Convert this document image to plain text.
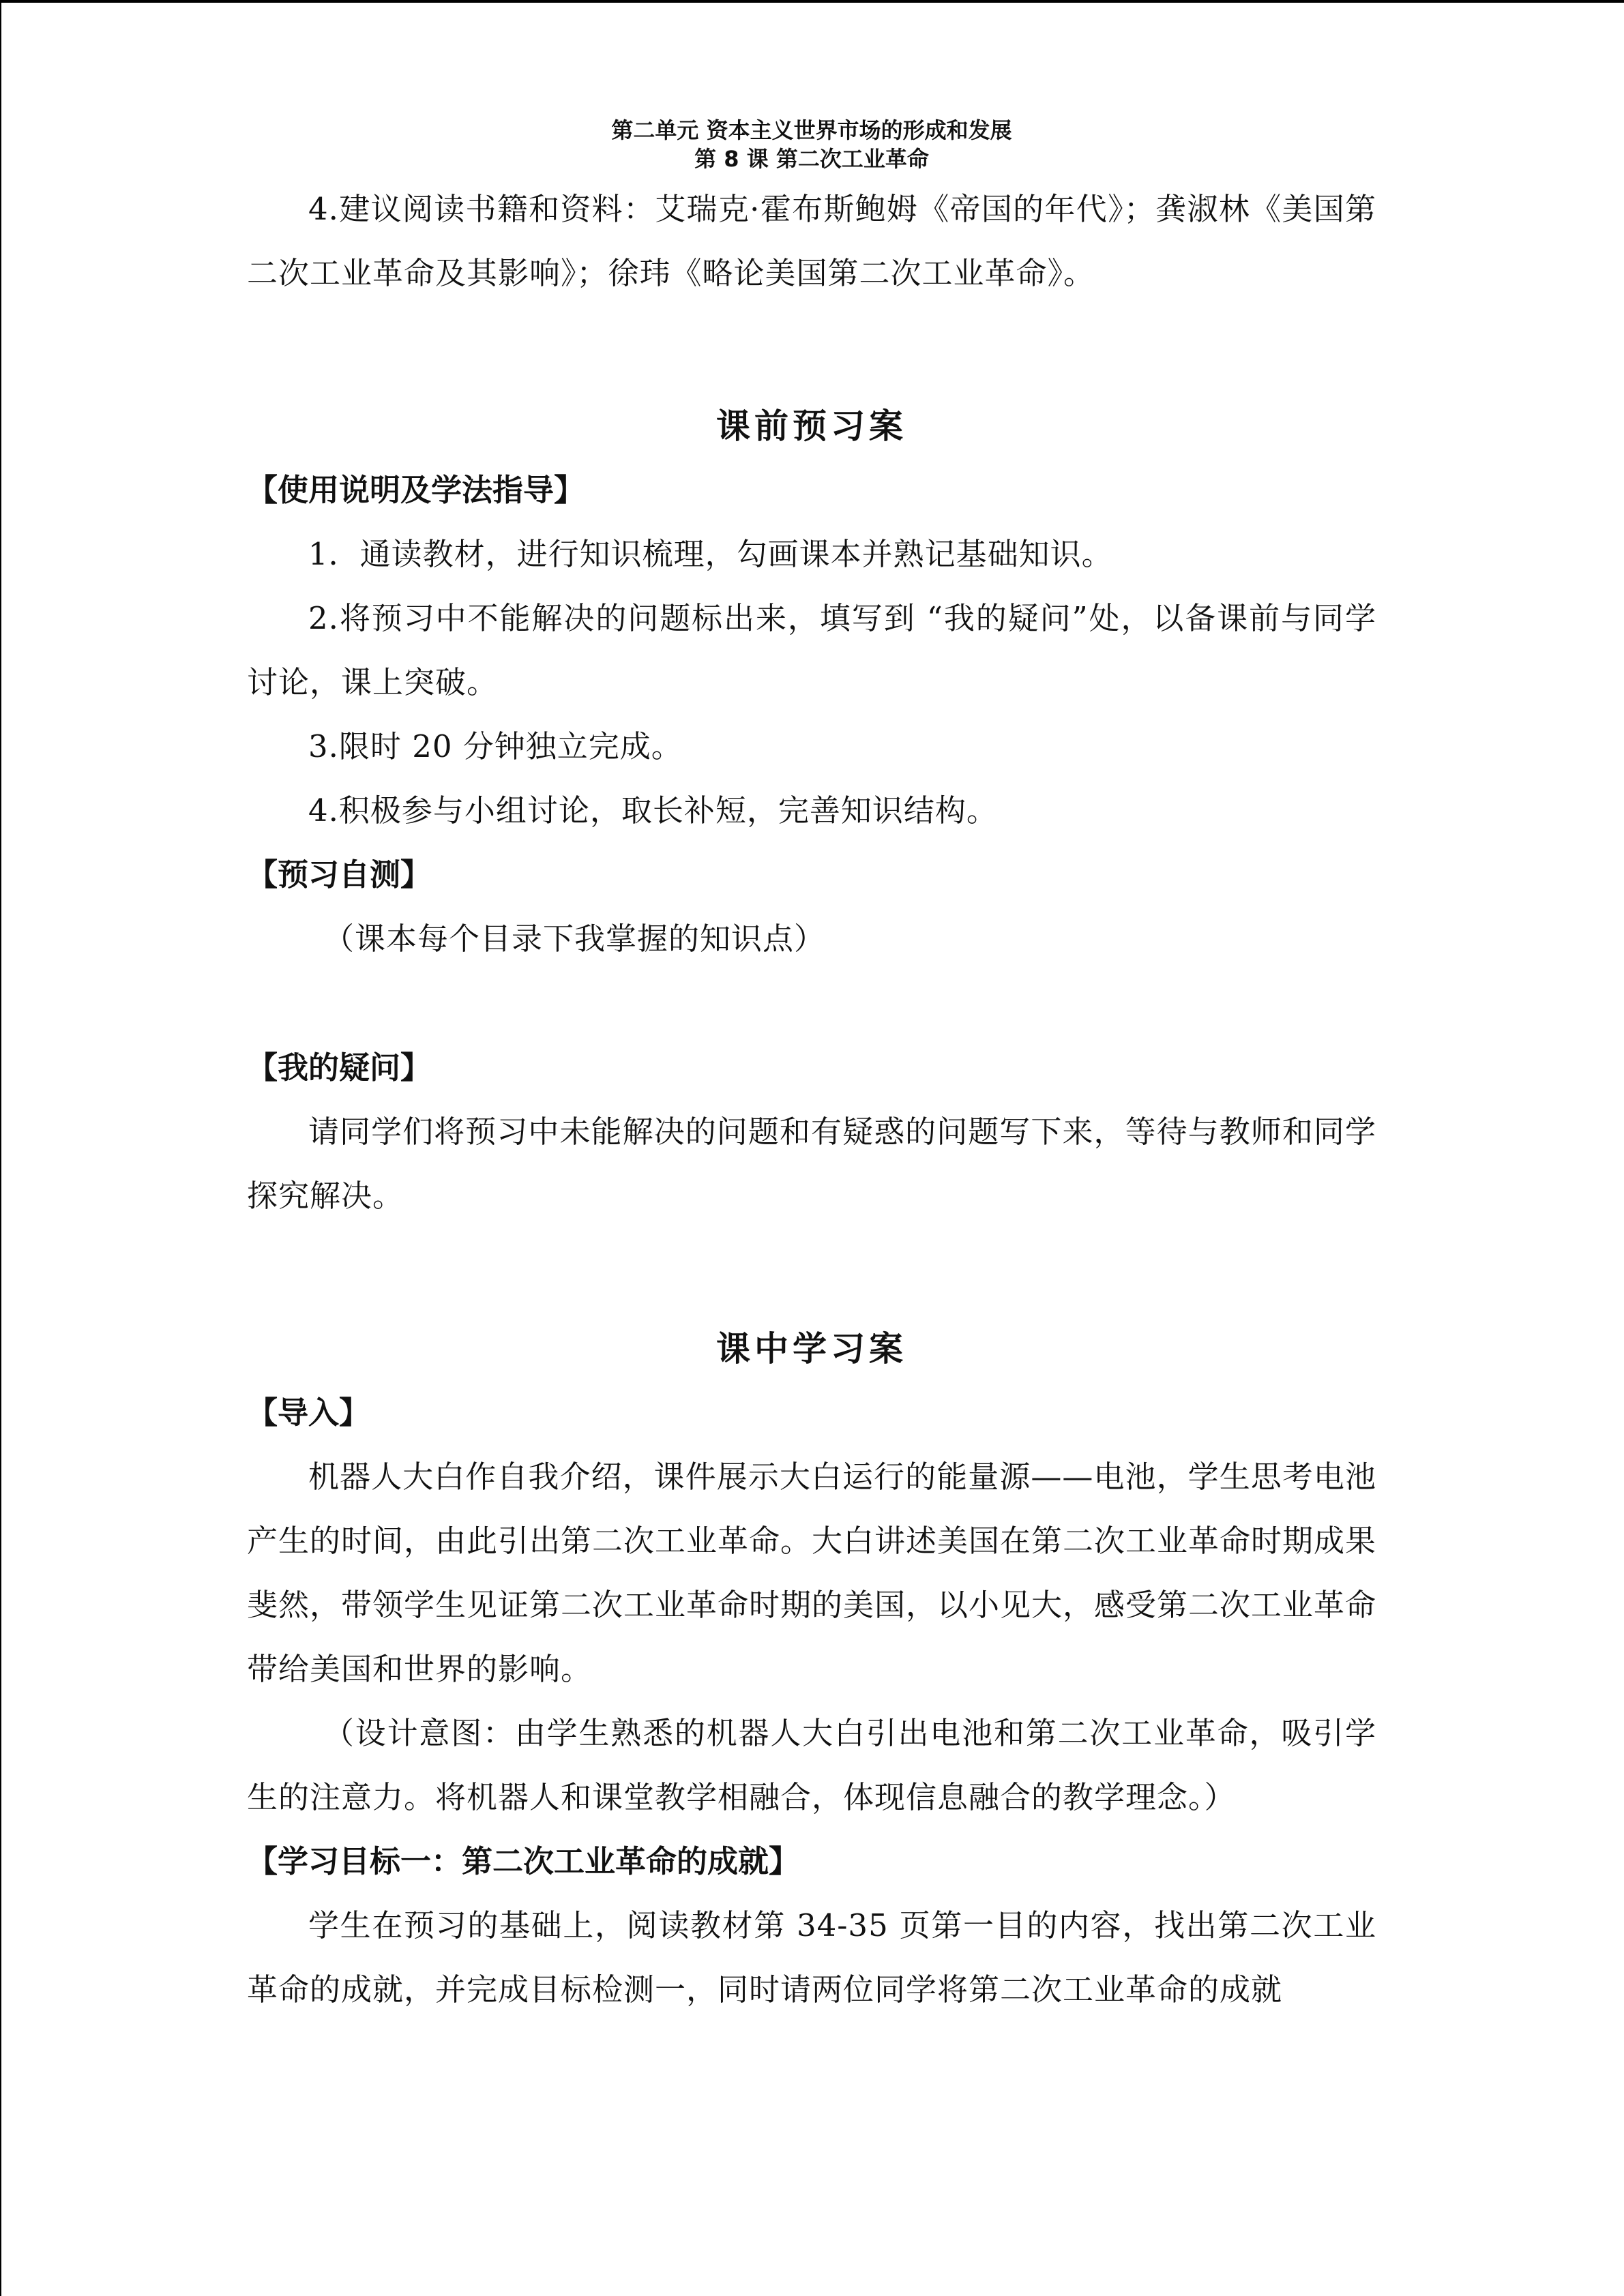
第二单元 资本主义世界市场的形成和发展
第 8 课 第二次工业革命

4.建议阅读书籍和资料：艾瑞克·霍布斯鲍姆《帝国的年代》；龚淑林《美国第二次工业革命及其影响》；徐玮《略论美国第二次工业革命》。

课前预习案

【使用说明及学法指导】

1．通读教材，进行知识梳理，勾画课本并熟记基础知识。

2.将预习中不能解决的问题标出来，填写到 “我的疑问”处，以备课前与同学讨论，课上突破。

3.限时 20 分钟独立完成。

4.积极参与小组讨论，取长补短，完善知识结构。

【预习自测】

（课本每个目录下我掌握的知识点）

【我的疑问】

请同学们将预习中未能解决的问题和有疑惑的问题写下来，等待与教师和同学探究解决。

课中学习案

【导入】

机器人大白作自我介绍，课件展示大白运行的能量源——电池，学生思考电池产生的时间，由此引出第二次工业革命。大白讲述美国在第二次工业革命时期成果斐然，带领学生见证第二次工业革命时期的美国，以小见大，感受第二次工业革命带给美国和世界的影响。

（设计意图：由学生熟悉的机器人大白引出电池和第二次工业革命，吸引学生的注意力。将机器人和课堂教学相融合，体现信息融合的教学理念。）

【学习目标一：第二次工业革命的成就】

学生在预习的基础上，阅读教材第 34-35 页第一目的内容，找出第二次工业革命的成就，并完成目标检测一，同时请两位同学将第二次工业革命的成就
